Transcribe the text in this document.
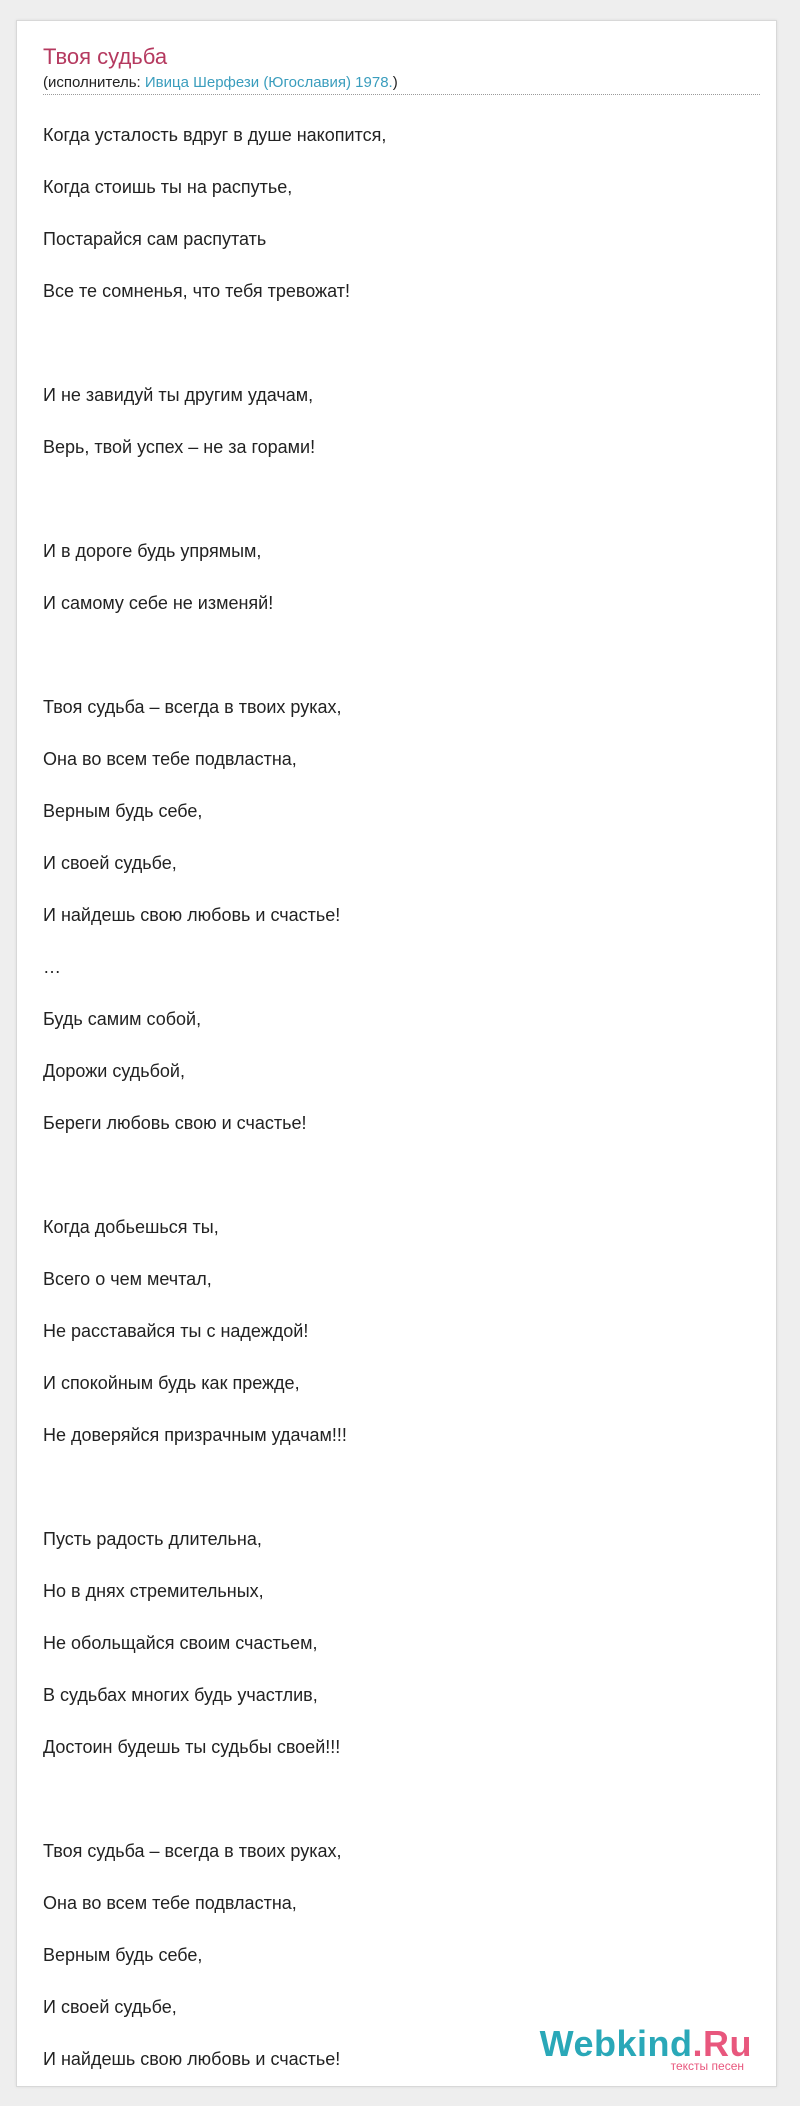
Твоя судьба
(исполнитель: Ивица Шерфези (Югославия) 1978.)
Когда усталость вдруг в душе накопится,
Когда стоишь ты на распутье,
Постарайся сам распутать
Все те сомненья, что тебя тревожат!
И не завидуй ты другим удачам,
Верь, твой успех – не за горами!
И в дороге будь упрямым,
И самому себе не изменяй!
Твоя судьба – всегда в твоих руках,
Она во всем тебе подвластна,
Верным будь себе,
И своей судьбе,
И найдешь свою любовь и счастье!
…
Будь самим собой,
Дорожи судьбой,
Береги любовь свою и счастье!
Когда добьешься ты,
Всего о чем мечтал,
Не расставайся ты с надеждой!
И спокойным будь как прежде,
Не доверяйся призрачным удачам!!!
Пусть радость длительна,
Но в днях стремительных,
Не обольщайся своим счастьем,
В судьбах многих будь участлив,
Достоин будешь ты судьбы своей!!!
Твоя судьба – всегда в твоих руках,
Она во всем тебе подвластна,
Верным будь себе,
И своей судьбе,
И найдешь свою любовь и счастье!	Webkind.Ru
тексты песен
